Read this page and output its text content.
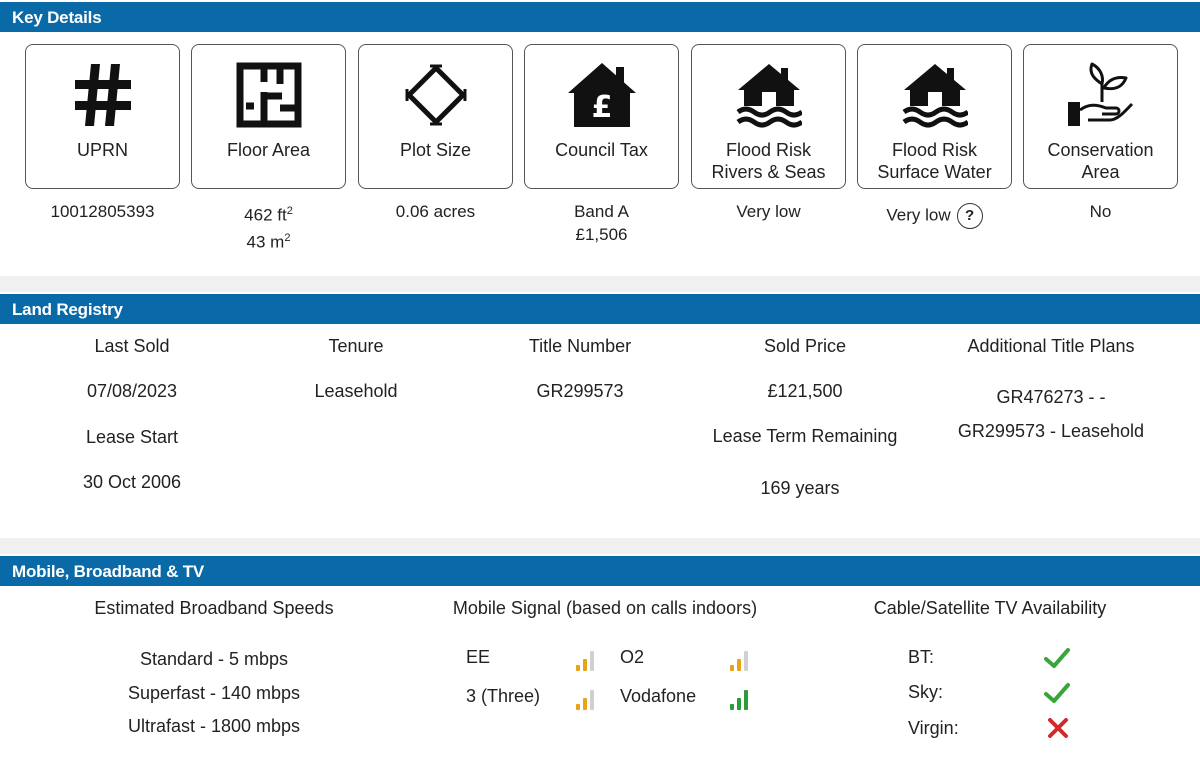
Key Details
UPRN
10012805393
Floor Area
462 $ft^2$
43 $m^2$
Plot Size
0.06 acres
£
Council Tax
Band A
£1,506
Flood Risk
Rivers & Seas
Very low
Flood Risk
Surface Water
Very low ?
Conservation
Area
No
Land Registry
Last Sold
07/08/2023
Lease Start
30 Oct 2006
Tenure
Leasehold
Title Number
GR299573
Sold Price
£121,500
Lease Term Remaining
169 years
Additional Title Plans
GR476273 - -
GR299573 - Leasehold
Mobile, Broadband & TV
Estimated Broadband Speeds
Standard - 5 mbps
Superfast - 140 mbps
Ultrafast - 1800 mbps
Mobile Signal (based on calls indoors)
EE	O2
3 (Three)	Vodafone
Cable/Satellite TV Availability
BT:
Sky:
Virgin:
